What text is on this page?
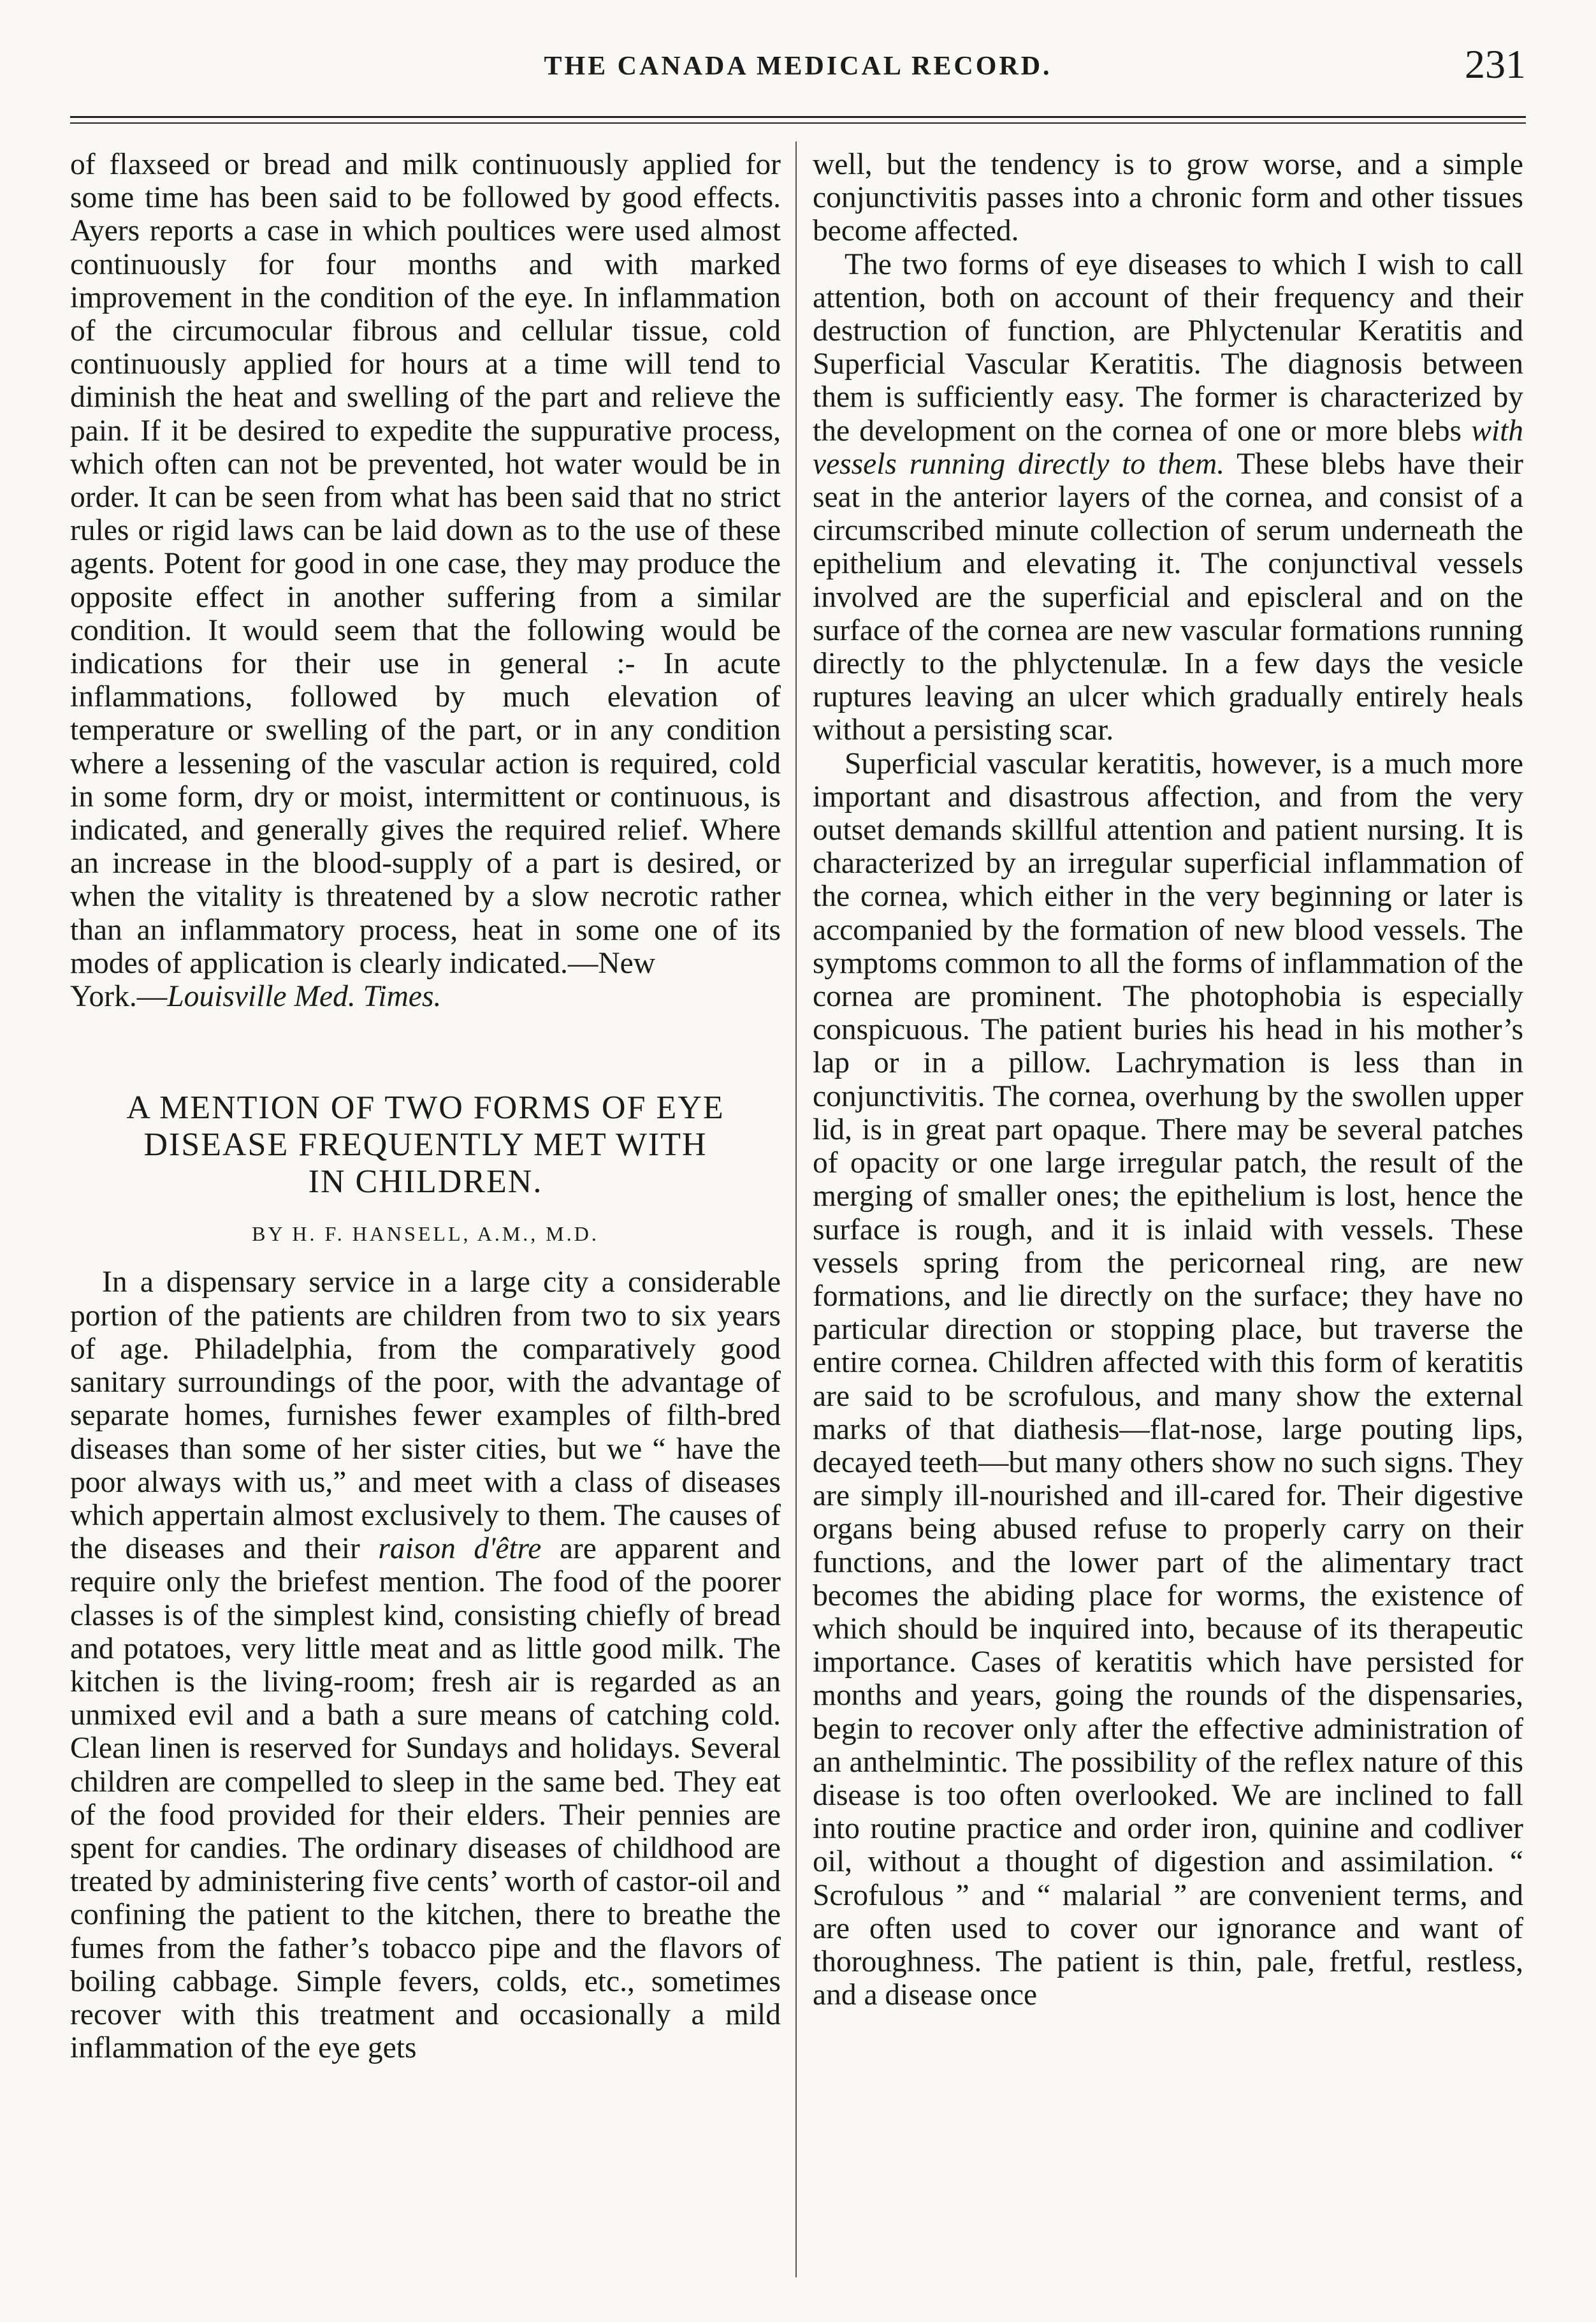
THE CANADA MEDICAL RECORD.	231

of flaxseed or bread and milk continuously applied for some time has been said to be followed by good effects. Ayers reports a case in which poultices were used almost continuously for four months and with marked improvement in the condition of the eye. In inflammation of the circumocular fibrous and cellular tissue, cold continuously applied for hours at a time will tend to diminish the heat and swelling of the part and relieve the pain. If it be desired to expedite the suppurative process, which often can not be prevented, hot water would be in order. It can be seen from what has been said that no strict rules or rigid laws can be laid down as to the use of these agents. Potent for good in one case, they may produce the opposite effect in another suffering from a similar condition. It would seem that the following would be indications for their use in general :- In acute inflammations, followed by much elevation of temperature or swelling of the part, or in any condition where a lessening of the vascular action is required, cold in some form, dry or moist, intermittent or continuous, is indicated, and generally gives the required relief. Where an increase in the blood-supply of a part is desired, or when the vitality is threatened by a slow necrotic rather than an inflammatory process, heat in some one of its modes of application is clearly indicated.—New
York.—Louisville Med. Times.

A MENTION OF TWO FORMS OF EYE
DISEASE FREQUENTLY MET WITH
IN CHILDREN.
BY H. F. HANSELL, A.M., M.D.

In a dispensary service in a large city a considerable portion of the patients are children from two to six years of age. Philadelphia, from the comparatively good sanitary surroundings of the poor, with the advantage of separate homes, furnishes fewer examples of filth-bred diseases than some of her sister cities, but we “ have the poor always with us,” and meet with a class of diseases which appertain almost exclusively to them. The causes of the diseases and their raison d'être are apparent and require only the briefest mention. The food of the poorer classes is of the simplest kind, consisting chiefly of bread and potatoes, very little meat and as little good milk. The kitchen is the living-room; fresh air is regarded as an unmixed evil and a bath a sure means of catching cold. Clean linen is reserved for Sundays and holidays. Several children are compelled to sleep in the same bed. They eat of the food provided for their elders. Their pennies are spent for candies. The ordinary diseases of childhood are treated by administering five cents’ worth of castor-oil and confining the patient to the kitchen, there to breathe the fumes from the father’s tobacco pipe and the flavors of boiling cabbage. Simple fevers, colds, etc., sometimes recover with this treatment and occasionally a mild inflammation of the eye gets

well, but the tendency is to grow worse, and a simple conjunctivitis passes into a chronic form and other tissues become affected.

The two forms of eye diseases to which I wish to call attention, both on account of their frequency and their destruction of function, are Phlyctenular Keratitis and Superficial Vascular Keratitis. The diagnosis between them is sufficiently easy. The former is characterized by the development on the cornea of one or more blebs with vessels running directly to them. These blebs have their seat in the anterior layers of the cornea, and consist of a circumscribed minute collection of serum underneath the epithelium and elevating it. The conjunctival vessels involved are the superficial and episcleral and on the surface of the cornea are new vascular formations running directly to the phlyctenulæ. In a few days the vesicle ruptures leaving an ulcer which gradually entirely heals without a persisting scar.

Superficial vascular keratitis, however, is a much more important and disastrous affection, and from the very outset demands skillful attention and patient nursing. It is characterized by an irregular superficial inflammation of the cornea, which either in the very beginning or later is accompanied by the formation of new blood vessels. The symptoms common to all the forms of inflammation of the cornea are prominent. The photophobia is especially conspicuous. The patient buries his head in his mother’s lap or in a pillow. Lachrymation is less than in conjunctivitis. The cornea, overhung by the swollen upper lid, is in great part opaque. There may be several patches of opacity or one large irregular patch, the result of the merging of smaller ones; the epithelium is lost, hence the surface is rough, and it is inlaid with vessels. These vessels spring from the pericorneal ring, are new formations, and lie directly on the surface; they have no particular direction or stopping place, but traverse the entire cornea. Children affected with this form of keratitis are said to be scrofulous, and many show the external marks of that diathesis—flat-nose, large pouting lips, decayed teeth—but many others show no such signs. They are simply ill-nourished and ill-cared for. Their digestive organs being abused refuse to properly carry on their functions, and the lower part of the alimentary tract becomes the abiding place for worms, the existence of which should be inquired into, because of its therapeutic importance. Cases of keratitis which have persisted for months and years, going the rounds of the dispensaries, begin to recover only after the effective administration of an anthelmintic. The possibility of the reflex nature of this disease is too often overlooked. We are inclined to fall into routine practice and order iron, quinine and codliver oil, without a thought of digestion and assimilation. “ Scrofulous ” and “ malarial ” are convenient terms, and are often used to cover our ignorance and want of thoroughness. The patient is thin, pale, fretful, restless, and a disease once
